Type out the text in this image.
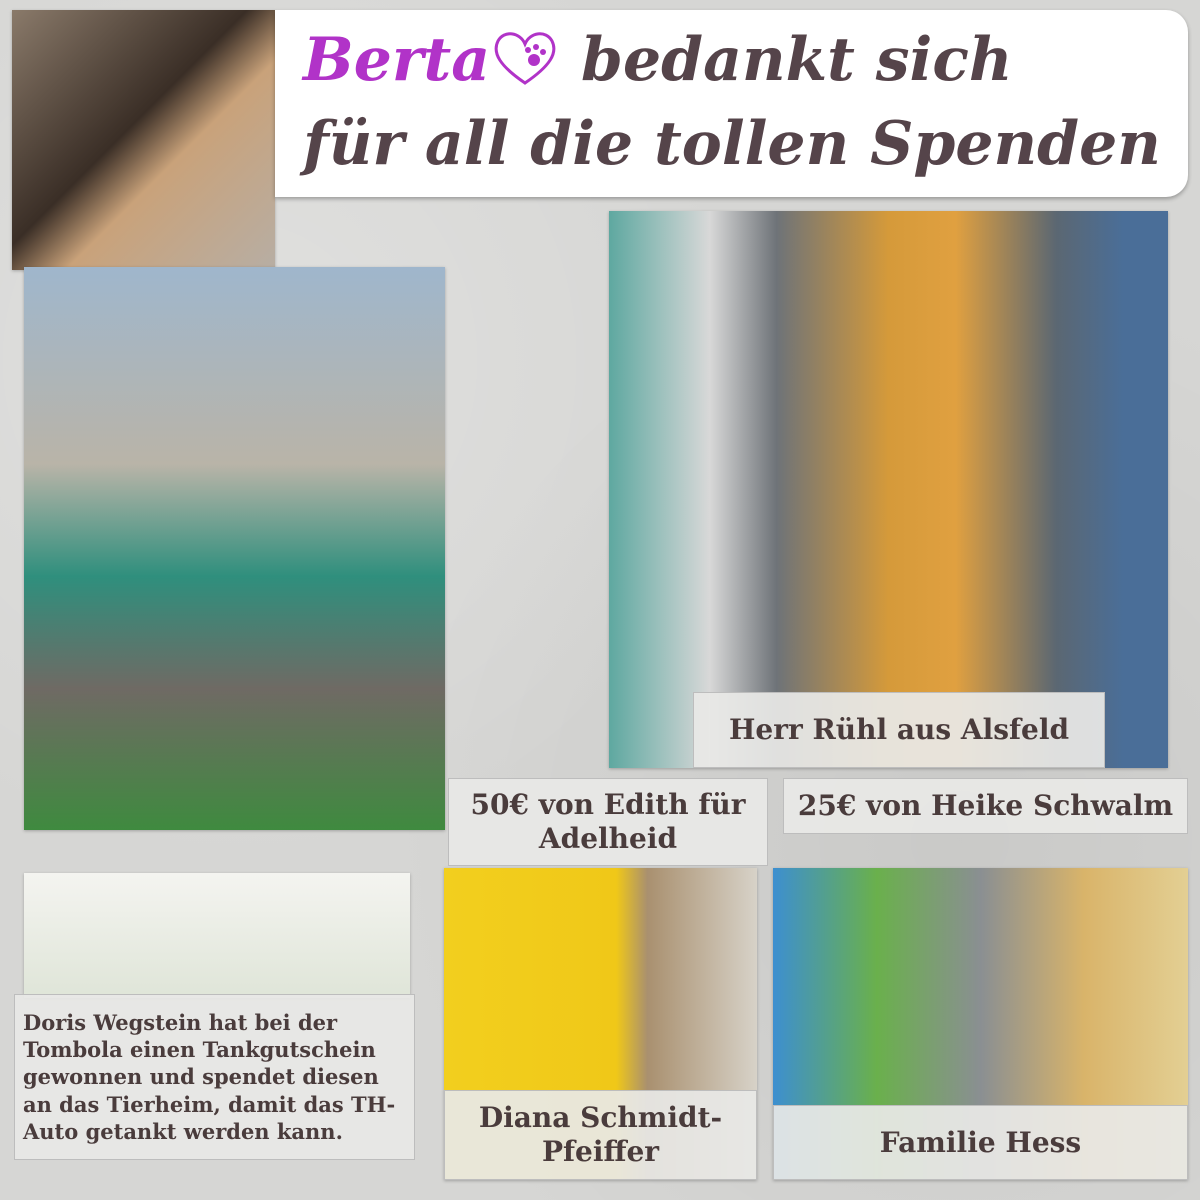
Berta bedankt sich
für all die tollen Spenden
Herr Rühl aus Alsfeld
50€ von Edith für Adelheid
25€ von Heike Schwalm
Doris Wegstein hat bei der Tombola einen Tankgutschein gewonnen und spendet diesen an das Tierheim, damit das TH-Auto getankt werden kann.	Diana Schmidt-Pfeiffer	Familie Hess
